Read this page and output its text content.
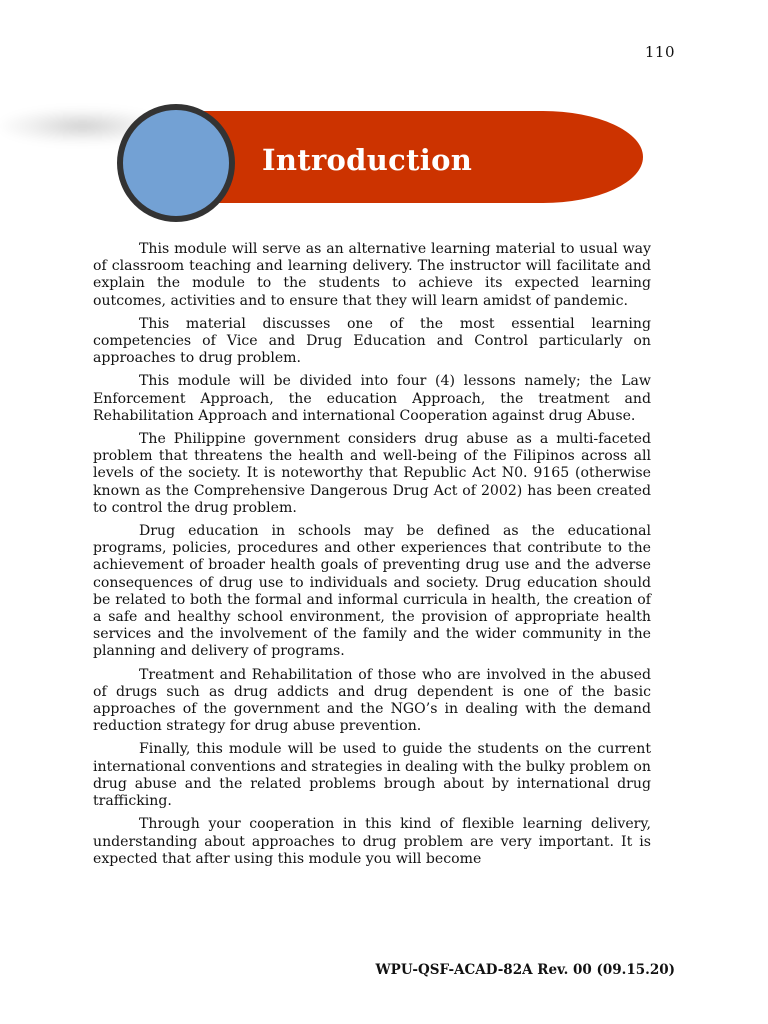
110
Introduction

This module will serve as an alternative learning material to usual way of classroom teaching and learning delivery. The instructor will facilitate and explain the module to the students to achieve its expected learning outcomes, activities and to ensure that they will learn amidst of pandemic.

This material discusses one of the most essential learning competencies of Vice and Drug Education and Control particularly on approaches to drug problem.

This module will be divided into four (4) lessons namely; the Law Enforcement Approach, the education Approach, the treatment and Rehabilitation Approach and international Cooperation against drug Abuse.

The Philippine government considers drug abuse as a multi-faceted problem that threatens the health and well-being of the Filipinos across all levels of the society. It is noteworthy that Republic Act N0. 9165 (otherwise known as the Comprehensive Dangerous Drug Act of 2002) has been created to control the drug problem.

Drug education in schools may be defined as the educational programs, policies, procedures and other experiences that contribute to the achievement of broader health goals of preventing drug use and the adverse consequences of drug use to individuals and society. Drug education should be related to both the formal and informal curricula in health, the creation of a safe and healthy school environment, the provision of appropriate health services and the involvement of the family and the wider community in the planning and delivery of programs.

Treatment and Rehabilitation of those who are involved in the abused of drugs such as drug addicts and drug dependent is one of the basic approaches of the government and the NGO’s in dealing with the demand reduction strategy for drug abuse prevention.

Finally, this module will be used to guide the students on the current international conventions and strategies in dealing with the bulky problem on drug abuse and the related problems brough about by international drug trafficking.

Through your cooperation in this kind of flexible learning delivery, understanding about approaches to drug problem are very important. It is expected that after using this module you will become

WPU-QSF-ACAD-82A Rev. 00 (09.15.20)
